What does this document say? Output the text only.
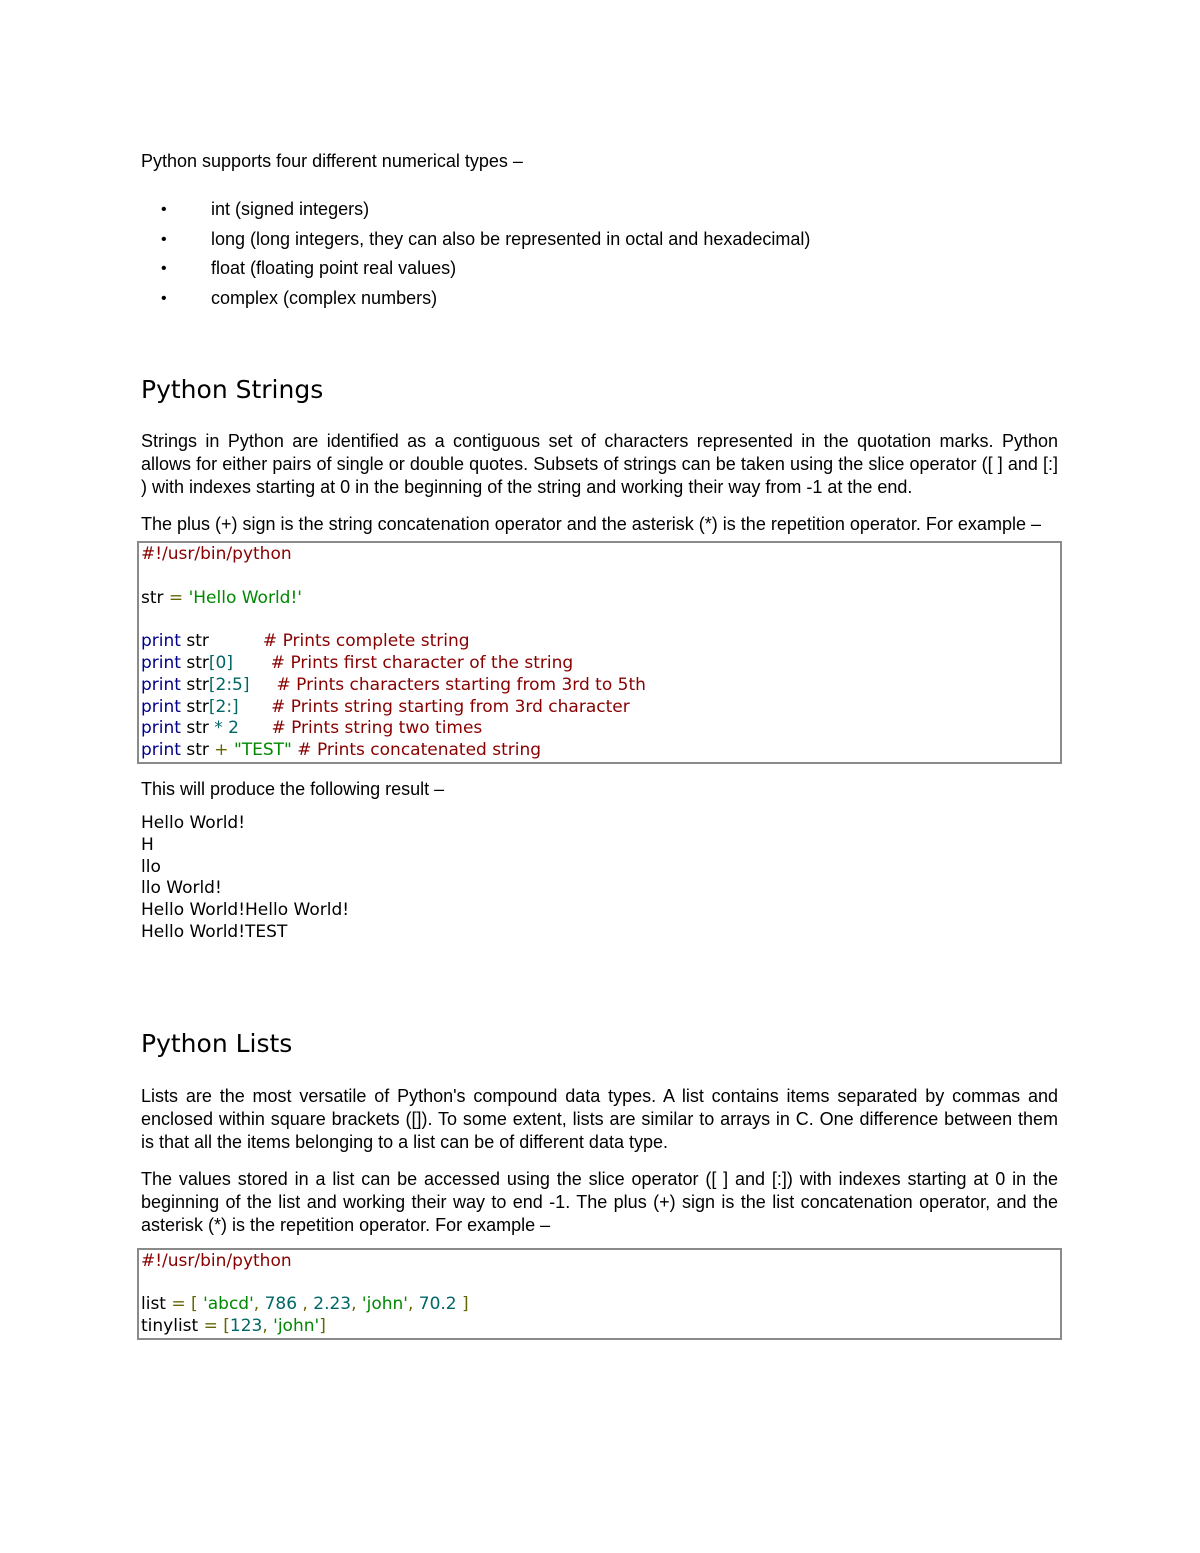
Python supports four different numerical types –

• int (signed integers)
• long (long integers, they can also be represented in octal and hexadecimal)
• float (floating point real values)
• complex (complex numbers)
Python Strings

Strings in Python are identified as a contiguous set of characters represented in the quotation marks. Python allows for either pairs of single or double quotes. Subsets of strings can be taken using the slice operator ([ ] and [:] ) with indexes starting at 0 in the beginning of the string and working their way from -1 at the end.

The plus (+) sign is the string concatenation operator and the asterisk (*) is the repetition operator. For example –

#!/usr/bin/python
str = 'Hello World!'
print str	# Prints complete string
print str[0] # Prints first character of the string
print str[2:5] # Prints characters starting from 3rd to 5th
print str[2:] # Prints string starting from 3rd character
print str * 2 # Prints string two times
print str + "TEST" # Prints concatenated string

This will produce the following result –

Hello World!
H
llo
llo World!
Hello World!Hello World!
Hello World!TEST
Python Lists

Lists are the most versatile of Python's compound data types. A list contains items separated by commas and enclosed within square brackets ([]). To some extent, lists are similar to arrays in C. One difference between them is that all the items belonging to a list can be of different data type.

The values stored in a list can be accessed using the slice operator ([ ] and [:]) with indexes starting at 0 in the beginning of the list and working their way to end -1. The plus (+) sign is the list concatenation operator, and the asterisk (*) is the repetition operator. For example –

#!/usr/bin/python
list = [ 'abcd', 786 , 2.23, 'john', 70.2 ]
tinylist = [123, 'john']
